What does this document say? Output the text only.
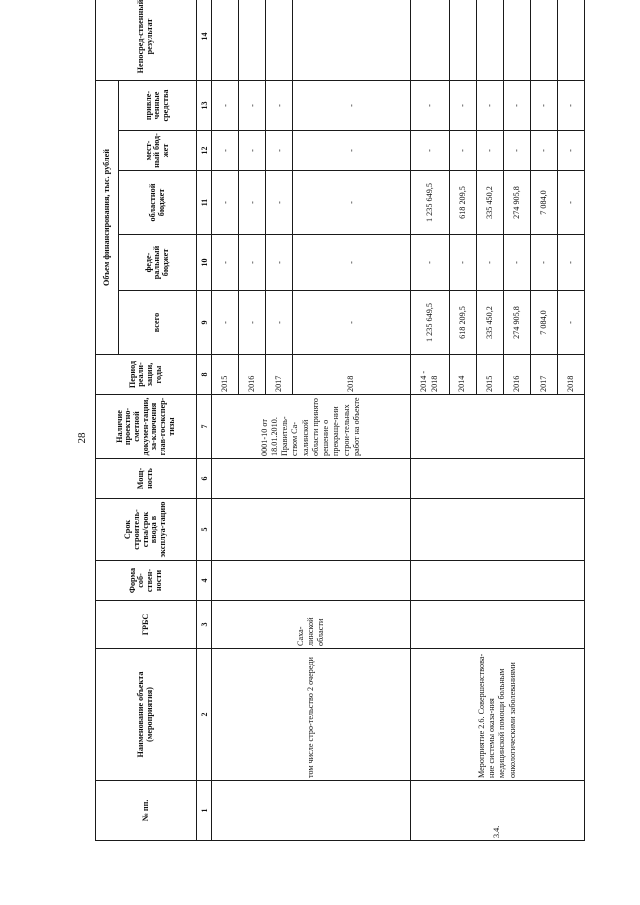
28
№ пп.	Наименование объекта (мероприятия)	ГРБС	Форма соб-ствен-ности	Срок строитель-ства/срок ввода в эксплуа-тацию	Мощ-ность	Наличие проектно-сметной докумен-тации, за-ключения глав-госэкспер-тизы	Период реали-зации, годы	Объем финансирования, тыс. рублей					Непосред-ственный результат
								всего	феде-ральный бюджет	областной бюджет	мест-ный бюд-жет	привле-ченные средства	
1	2	3	4	5	6	7	8	9	10	11	12	13	14
	том числе стро-тельство 2 очереди	Саха-линской области				0001-10 от 18.01.2010. Правитель-ством Са-халинской области принято решение о прекраще-нии строи-тельных работ на объекте	2015	-	-	-	-	-	
							2016	-	-	-	-	-	
							2017	-	-	-	-	-	
							2018	-	-	-	-	-	
3.4.	Мероприятие 2.6. Совершенствова-ние системы оказа-ния медицинской помощи больным онкологическими заболеваниями						2014 - 2018	1 235 649,5	-	1 235 649,5	-	-	
							2014	618 209,5	-	618 209,5	-	-	
							2015	335 450,2	-	335 450,2	-	-	
							2016	274 905,8	-	274 905,8	-	-	
							2017	7 084,0	-	7 084,0	-	-	
							2018	-	-	-	-	-	
